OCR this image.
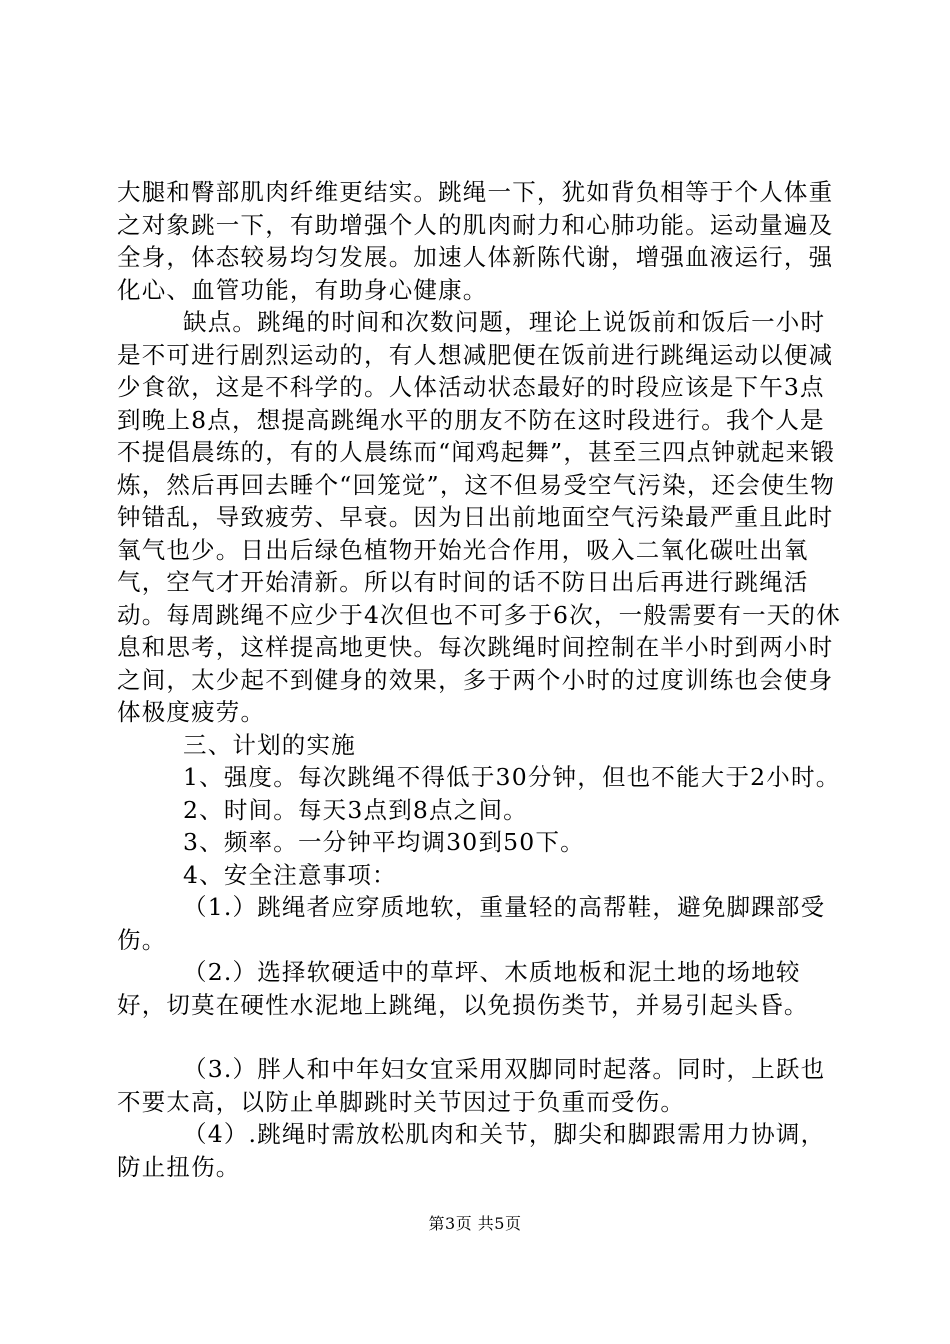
大腿和臀部肌肉纤维更结实。跳绳一下，犹如背负相等于个人体重之对象跳一下，有助增强个人的肌肉耐力和心肺功能。运动量遍及全身，体态较易均匀发展。加速人体新陈代谢，增强血液运行，强化心、血管功能，有助身心健康。

缺点。跳绳的时间和次数问题，理论上说饭前和饭后一小时是不可进行剧烈运动的，有人想减肥便在饭前进行跳绳运动以便减少食欲，这是不科学的。人体活动状态最好的时段应该是下午3点到晚上8点，想提高跳绳水平的朋友不防在这时段进行。我个人是不提倡晨练的，有的人晨练而“闻鸡起舞”，甚至三四点钟就起来锻炼，然后再回去睡个“回笼觉”，这不但易受空气污染，还会使生物钟错乱，导致疲劳、早衰。因为日出前地面空气污染最严重且此时氧气也少。日出后绿色植物开始光合作用，吸入二氧化碳吐出氧气，空气才开始清新。所以有时间的话不防日出后再进行跳绳活动。每周跳绳不应少于4次但也不可多于6次，一般需要有一天的休息和思考，这样提高地更快。每次跳绳时间控制在半小时到两小时之间，太少起不到健身的效果，多于两个小时的过度训练也会使身体极度疲劳。

三、计划的实施

1、强度。每次跳绳不得低于30分钟，但也不能大于2小时。

2、时间。每天3点到8点之间。

3、频率。一分钟平均调30到50下。

4、安全注意事项：

（1.）跳绳者应穿质地软，重量轻的高帮鞋，避免脚踝部受伤。

（2.）选择软硬适中的草坪、木质地板和泥土地的场地较好，切莫在硬性水泥地上跳绳，以免损伤类节，并易引起头昏。

（3.）胖人和中年妇女宜采用双脚同时起落。同时，上跃也不要太高，以防止单脚跳时关节因过于负重而受伤。

（4）.跳绳时需放松肌肉和关节，脚尖和脚跟需用力协调，防止扭伤。

第3页 共5页
